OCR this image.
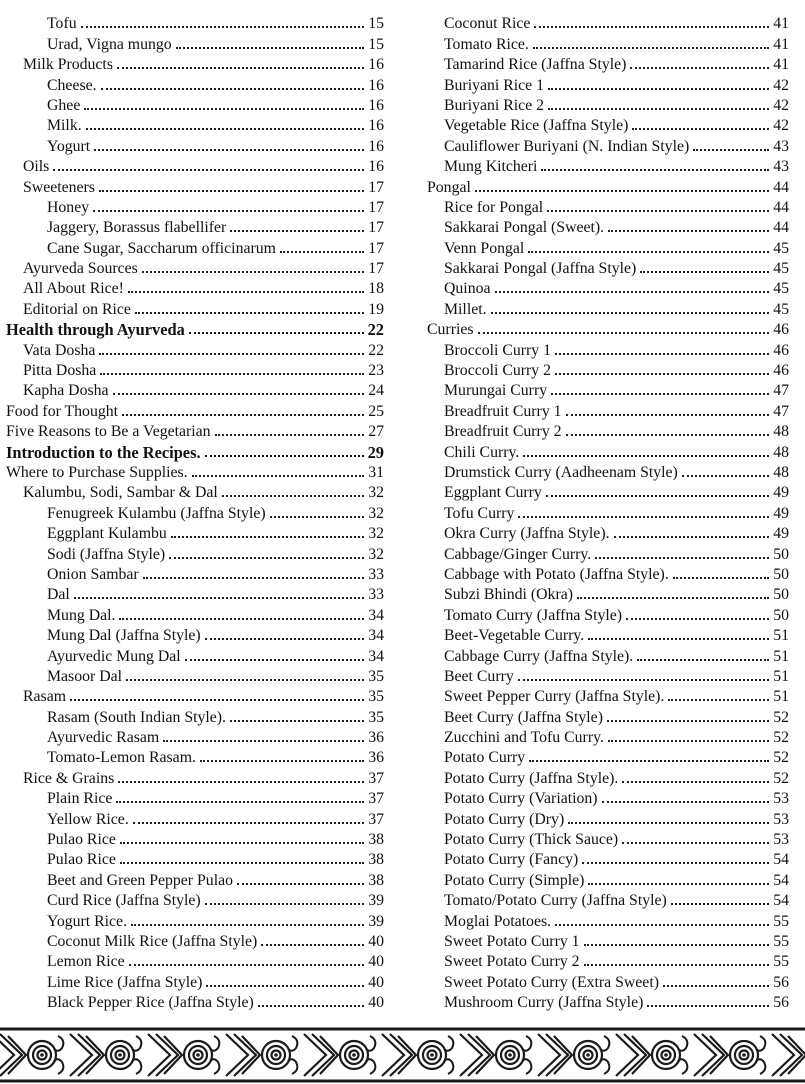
Tofu	15
Urad, Vigna mungo	15
Milk Products	16
Cheese.	16
Ghee	16
Milk.	16
Yogurt	16
Oils	16
Sweeteners	17
Honey	17
Jaggery, Borassus flabellifer	17
Cane Sugar, Saccharum officinarum	17
Ayurveda Sources	17
All About Rice!	18
Editorial on Rice	19
Health through Ayurveda	22
Vata Dosha	22
Pitta Dosha	23
Kapha Dosha	24
Food for Thought	25
Five Reasons to Be a Vegetarian	27
Introduction to the Recipes.	29
Where to Purchase Supplies.	31
Kalumbu, Sodi, Sambar & Dal	32
Fenugreek Kulambu (Jaffna Style)	32
Eggplant Kulambu	32
Sodi (Jaffna Style)	32
Onion Sambar	33
Dal	33
Mung Dal.	34
Mung Dal (Jaffna Style)	34
Ayurvedic Mung Dal	34
Masoor Dal	35
Rasam	35
Rasam (South Indian Style).	35
Ayurvedic Rasam	36
Tomato-Lemon Rasam.	36
Rice & Grains	37
Plain Rice	37
Yellow Rice.	37
Pulao Rice	38
Pulao Rice	38
Beet and Green Pepper Pulao	38
Curd Rice (Jaffna Style)	39
Yogurt Rice.	39
Coconut Milk Rice (Jaffna Style)	40
Lemon Rice	40
Lime Rice (Jaffna Style)	40
Black Pepper Rice (Jaffna Style)	40
Coconut Rice	41
Tomato Rice.	41
Tamarind Rice (Jaffna Style)	41
Buriyani Rice 1	42
Buriyani Rice 2	42
Vegetable Rice (Jaffna Style)	42
Cauliflower Buriyani (N. Indian Style)	43
Mung Kitcheri	43
Pongal	44
Rice for Pongal	44
Sakkarai Pongal (Sweet).	44
Venn Pongal	45
Sakkarai Pongal (Jaffna Style)	45
Quinoa	45
Millet.	45
Curries	46
Broccoli Curry 1	46
Broccoli Curry 2	46
Murungai Curry	47
Breadfruit Curry 1	47
Breadfruit Curry 2	48
Chili Curry.	48
Drumstick Curry (Aadheenam Style)	48
Eggplant Curry	49
Tofu Curry	49
Okra Curry (Jaffna Style).	49
Cabbage/Ginger Curry.	50
Cabbage with Potato (Jaffna Style).	50
Subzi Bhindi (Okra)	50
Tomato Curry (Jaffna Style)	50
Beet-Vegetable Curry.	51
Cabbage Curry (Jaffna Style).	51
Beet Curry	51
Sweet Pepper Curry (Jaffna Style).	51
Beet Curry (Jaffna Style)	52
Zucchini and Tofu Curry.	52
Potato Curry	52
Potato Curry (Jaffna Style).	52
Potato Curry (Variation)	53
Potato Curry (Dry)	53
Potato Curry (Thick Sauce)	53
Potato Curry (Fancy)	54
Potato Curry (Simple)	54
Tomato/Potato Curry (Jaffna Style)	54
Moglai Potatoes.	55
Sweet Potato Curry 1	55
Sweet Potato Curry 2	55
Sweet Potato Curry (Extra Sweet)	56
Mushroom Curry (Jaffna Style)	56
